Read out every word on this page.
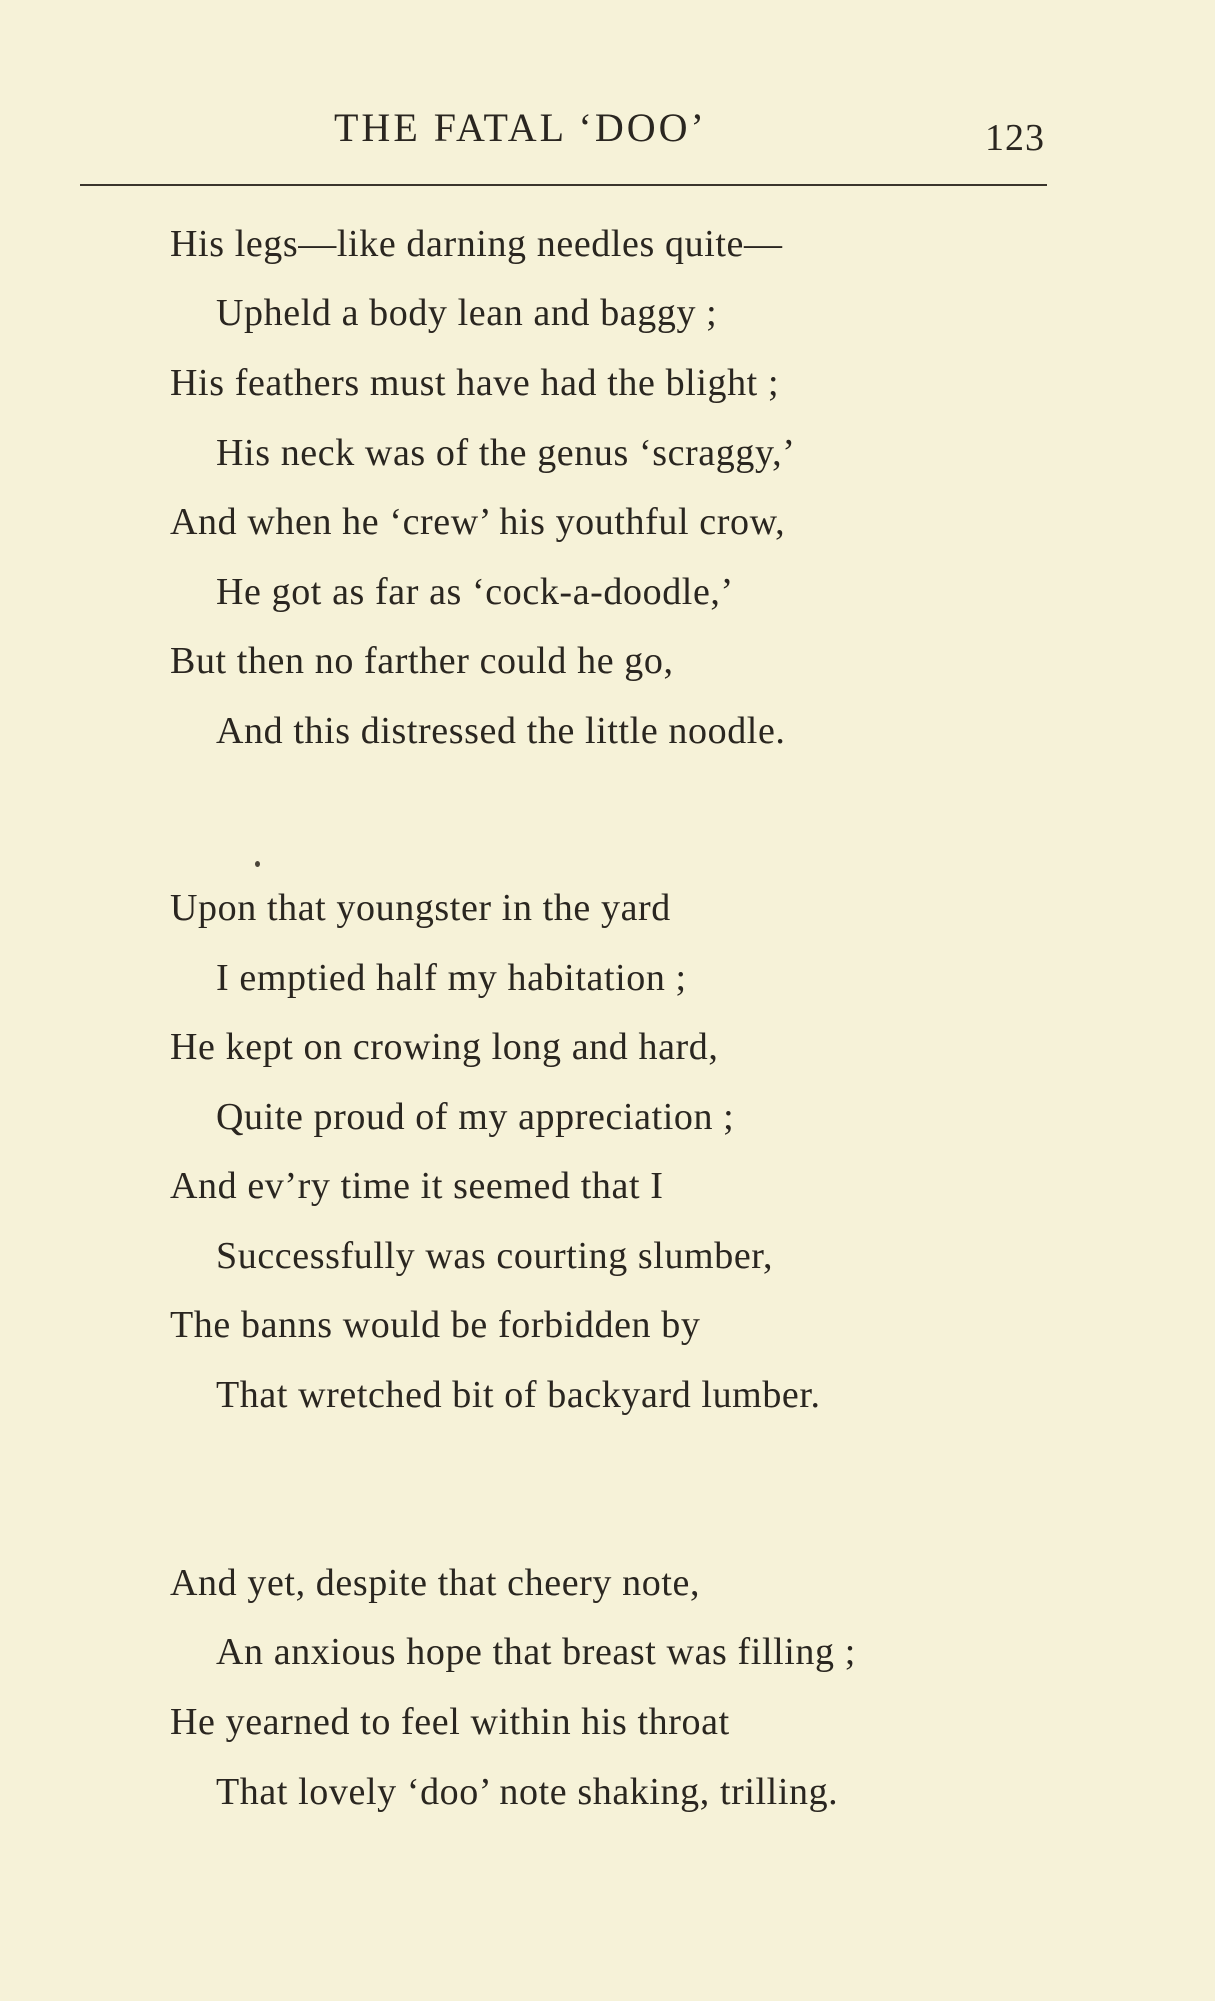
THE FATAL ‘DOO’	123
His legs—like darning needles quite—
Upheld a body lean and baggy ;
His feathers must have had the blight ;
His neck was of the genus ‘scraggy,’
And when he ‘crew’ his youthful crow,
He got as far as ‘cock-a-doodle,’
But then no farther could he go,
And this distressed the little noodle.
Upon that youngster in the yard
I emptied half my habitation ;
He kept on crowing long and hard,
Quite proud of my appreciation ;
And ev’ry time it seemed that I
Successfully was courting slumber,
The banns would be forbidden by
That wretched bit of backyard lumber.
And yet, despite that cheery note,
An anxious hope that breast was filling ;
He yearned to feel within his throat
That lovely ‘doo’ note shaking, trilling.
